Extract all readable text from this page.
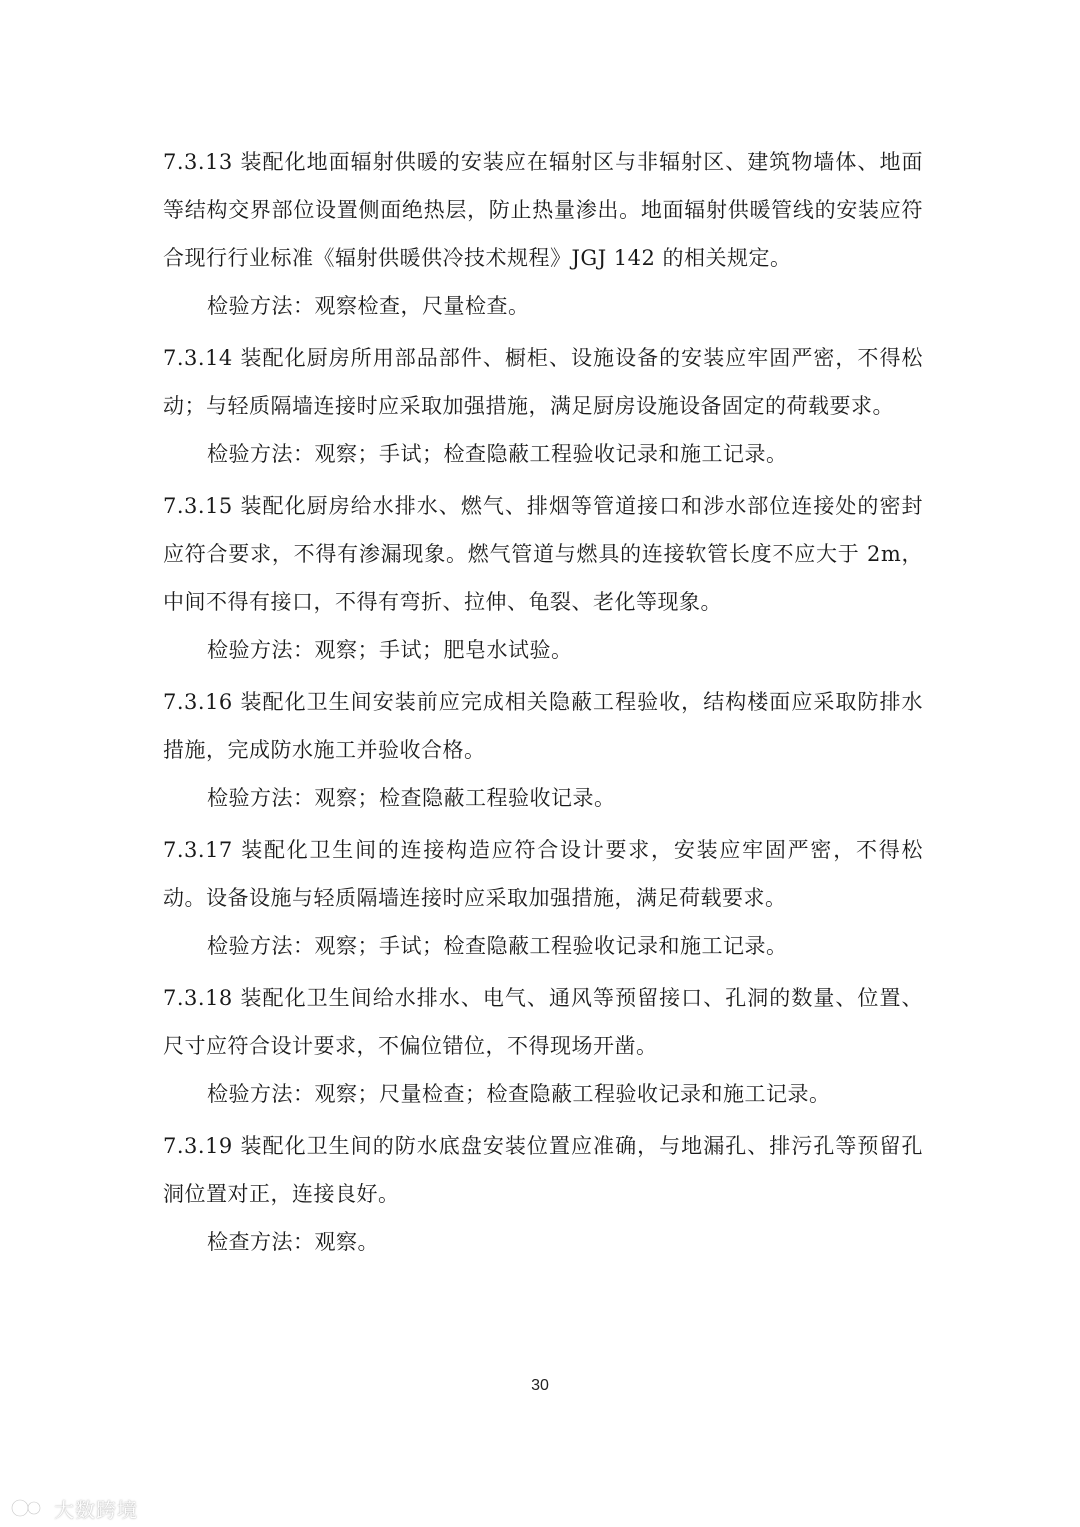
7.3.13 装配化地面辐射供暖的安装应在辐射区与非辐射区、建筑物墙体、地面等结构交界部位设置侧面绝热层，防止热量渗出。地面辐射供暖管线的安装应符合现行行业标准《辐射供暖供冷技术规程》JGJ 142 的相关规定。

检验方法：观察检查，尺量检查。

7.3.14 装配化厨房所用部品部件、橱柜、设施设备的安装应牢固严密，不得松动；与轻质隔墙连接时应采取加强措施，满足厨房设施设备固定的荷载要求。

检验方法：观察；手试；检查隐蔽工程验收记录和施工记录。

7.3.15 装配化厨房给水排水、燃气、排烟等管道接口和涉水部位连接处的密封应符合要求，不得有渗漏现象。燃气管道与燃具的连接软管长度不应大于 2m，中间不得有接口，不得有弯折、拉伸、龟裂、老化等现象。

检验方法：观察；手试；肥皂水试验。

7.3.16 装配化卫生间安装前应完成相关隐蔽工程验收，结构楼面应采取防排水措施，完成防水施工并验收合格。

检验方法：观察；检查隐蔽工程验收记录。

7.3.17 装配化卫生间的连接构造应符合设计要求，安装应牢固严密，不得松动。设备设施与轻质隔墙连接时应采取加强措施，满足荷载要求。

检验方法：观察；手试；检查隐蔽工程验收记录和施工记录。

7.3.18 装配化卫生间给水排水、电气、通风等预留接口、孔洞的数量、位置、尺寸应符合设计要求，不偏位错位，不得现场开凿。

检验方法：观察；尺量检查；检查隐蔽工程验收记录和施工记录。

7.3.19 装配化卫生间的防水底盘安装位置应准确，与地漏孔、排污孔等预留孔洞位置对正，连接良好。

检查方法：观察。

30
大数跨境
